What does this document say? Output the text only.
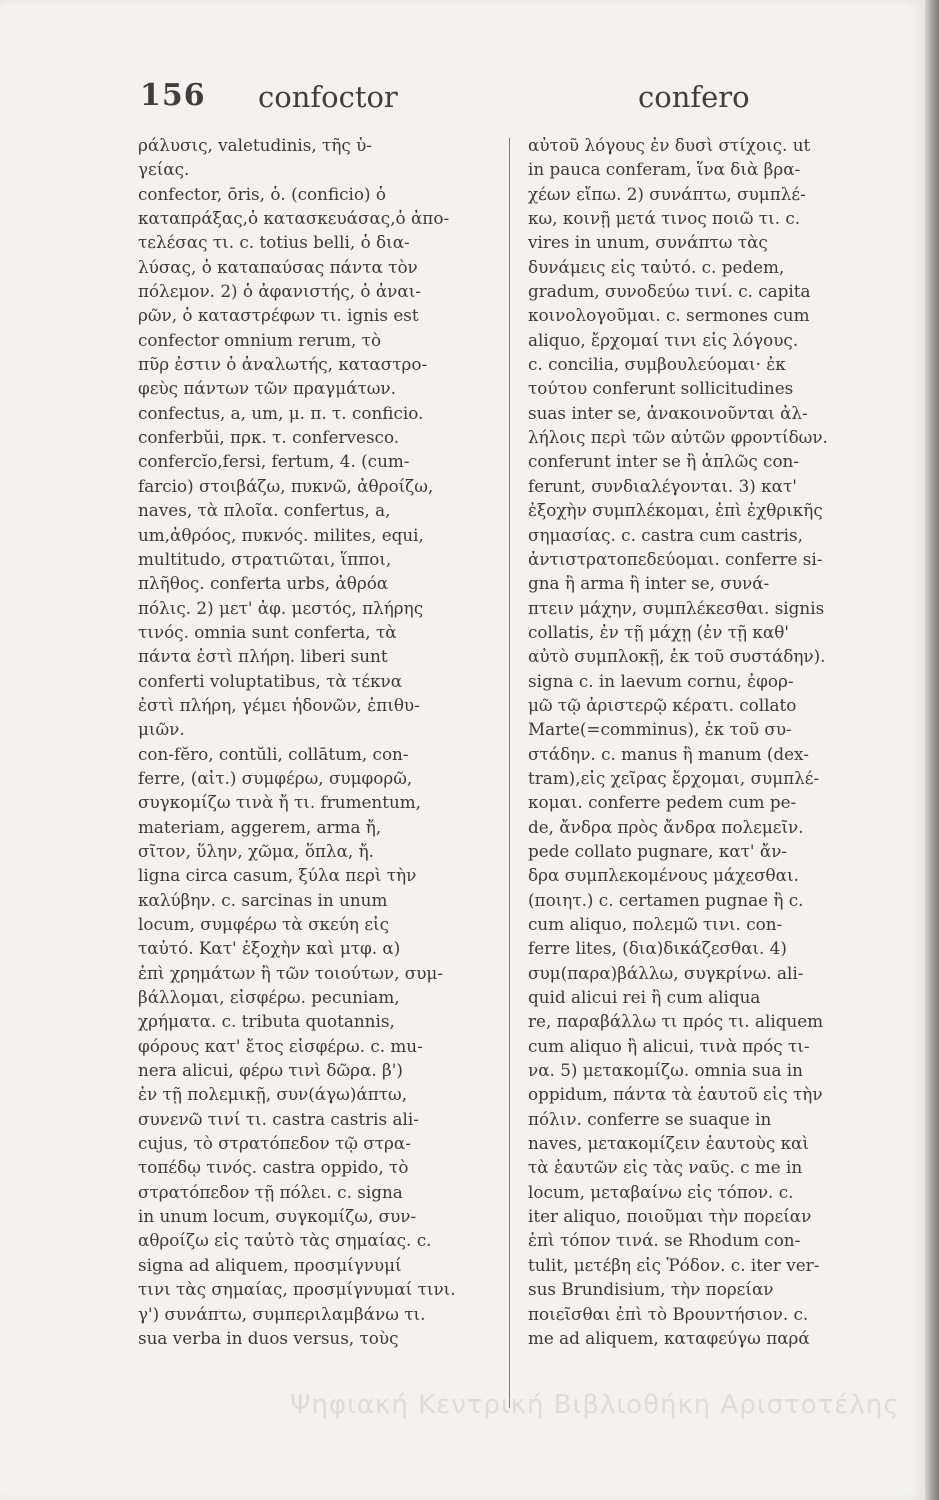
156 confoctor	confero
ράλυσις, valetudinis, τῆς ὑ-
γείας.
confector, ōris, ὁ. (conficio) ὁ
καταπράξας,ὁ κατασκευάσας,ὁ ἀπο-
τελέσας τι. c. totius belli, ὁ δια-
λύσας, ὁ καταπαύσας πάντα τὸν
πόλεμον. 2) ὁ ἀφανιστής, ὁ ἀναι-
ρῶν, ὁ καταστρέφων τι. ignis est
confector omnium rerum, τὸ
πῦρ ἐστιν ὁ ἀναλωτής, καταστρο-
φεὺς πάντων τῶν πραγμάτων.
confectus, a, um, μ. π. τ. conficio.
conferbŭi, πρκ. τ. confervesco.
confercĭo,fersi, fertum, 4. (cum-
farcio) στοιβάζω, πυκνῶ, ἀθροίζω,
naves, τὰ πλοῖα. confertus, a,
um,ἀθρόος, πυκνός. milites, equi,
multitudo, στρατιῶται, ἵπποι,
πλῆθος. conferta urbs, ἀθρόα
πόλις. 2) μετ' ἀφ. μεστός, πλήρης
τινός. omnia sunt conferta, τὰ
πάντα ἐστὶ πλήρη. liberi sunt
conferti voluptatibus, τὰ τέκνα
ἐστὶ πλήρη, γέμει ἡδονῶν, ἐπιθυ-
μιῶν.
con-fĕro, contŭli, collātum, con-
ferre, (αἰτ.) συμφέρω, συμφορῶ,
συγκομίζω τινὰ ἤ τι. frumentum,
materiam, aggerem, arma ἤ,
σῖτον, ὕλην, χῶμα, ὅπλα, ἤ.
ligna circa casum, ξύλα περὶ τὴν
καλύβην. c. sarcinas in unum
locum, συμφέρω τὰ σκεύη εἰς
ταὐτό. Κατ' ἐξοχὴν καὶ μτφ. α)
ἐπὶ χρημάτων ἢ τῶν τοιούτων, συμ-
βάλλομαι, εἰσφέρω. pecuniam,
χρήματα. c. tributa quotannis,
φόρους κατ' ἔτος εἰσφέρω. c. mu-
nera alicui, φέρω τινὶ δῶρα. β')
ἐν τῇ πολεμικῇ, συν(άγω)άπτω,
συνενῶ τινί τι. castra castris ali-
cujus, τὸ στρατόπεδον τῷ στρα-
τοπέδῳ τινός. castra oppido, τὸ
στρατόπεδον τῇ πόλει. c. signa
in unum locum, συγκομίζω, συν-
αθροίζω εἰς ταὐτὸ τὰς σημαίας. c.
signa ad aliquem, προσμίγνυμί
τινι τὰς σημαίας, προσμίγνυμαί τινι.
γ') συνάπτω, συμπεριλαμβάνω τι.
sua verba in duos versus, τοὺς
αὐτοῦ λόγους ἐν δυσὶ στίχοις. ut
in pauca conferam, ἵνα διὰ βρα-
χέων εἴπω. 2) συνάπτω, συμπλέ-
κω, κοινῇ μετά τινος ποιῶ τι. c.
vires in unum, συνάπτω τὰς
δυνάμεις εἰς ταὐτό. c. pedem,
gradum, συνοδεύω τινί. c. capita
κοινολογοῦμαι. c. sermones cum
aliquo, ἔρχομαί τινι εἰς λόγους.
c. concilia, συμβουλεύομαι· ἐκ
τούτου conferunt sollicitudines
suas inter se, ἀνακοινοῦνται ἀλ-
λήλοις περὶ τῶν αὐτῶν φροντίδων.
conferunt inter se ἢ ἁπλῶς con-
ferunt, συνδιαλέγονται. 3) κατ'
ἐξοχὴν συμπλέκομαι, ἐπὶ ἐχθρικῆς
σημασίας. c. castra cum castris,
ἀντιστρατοπεδεύομαι. conferre si-
gna ἢ arma ἢ inter se, συνά-
πτειν μάχην, συμπλέκεσθαι. signis
collatis, ἐν τῇ μάχῃ (ἐν τῇ καθ'
αὐτὸ συμπλοκῇ, ἐκ τοῦ συστάδην).
signa c. in laevum cornu, ἐφορ-
μῶ τῷ ἀριστερῷ κέρατι. collato
Marte(=comminus), ἐκ τοῦ συ-
στάδην. c. manus ἢ manum (dex-
tram),εἰς χεῖρας ἔρχομαι, συμπλέ-
κομαι. conferre pedem cum pe-
de, ἄνδρα πρὸς ἄνδρα πολεμεῖν.
pede collato pugnare, κατ' ἄν-
δρα συμπλεκομένους μάχεσθαι.
(ποιητ.) c. certamen pugnae ἢ c.
cum aliquo, πολεμῶ τινι. con-
ferre lites, (δια)δικάζεσθαι. 4)
συμ(παρα)βάλλω, συγκρίνω. ali-
quid alicui rei ἢ cum aliqua
re, παραβάλλω τι πρός τι. aliquem
cum aliquo ἢ alicui, τινὰ πρός τι-
να. 5) μετακομίζω. omnia sua in
oppidum, πάντα τὰ ἑαυτοῦ εἰς τὴν
πόλιν. conferre se suaque in
naves, μετακομίζειν ἑαυτοὺς καὶ
τὰ ἑαυτῶν εἰς τὰς ναῦς. c me in
locum, μεταβαίνω εἰς τόπον. c.
iter aliquo, ποιοῦμαι τὴν πορείαν
ἐπὶ τόπον τινά. se Rhodum con-
tulit, μετέβη εἰς Ῥόδον. c. iter ver-
sus Brundisium, τὴν πορείαν
ποιεῖσθαι ἐπὶ τὸ Βρουντήσιον. c.
me ad aliquem, καταφεύγω παρά
Ψηφιακή Κεντρική Βιβλιοθήκη Αριστοτέλης
